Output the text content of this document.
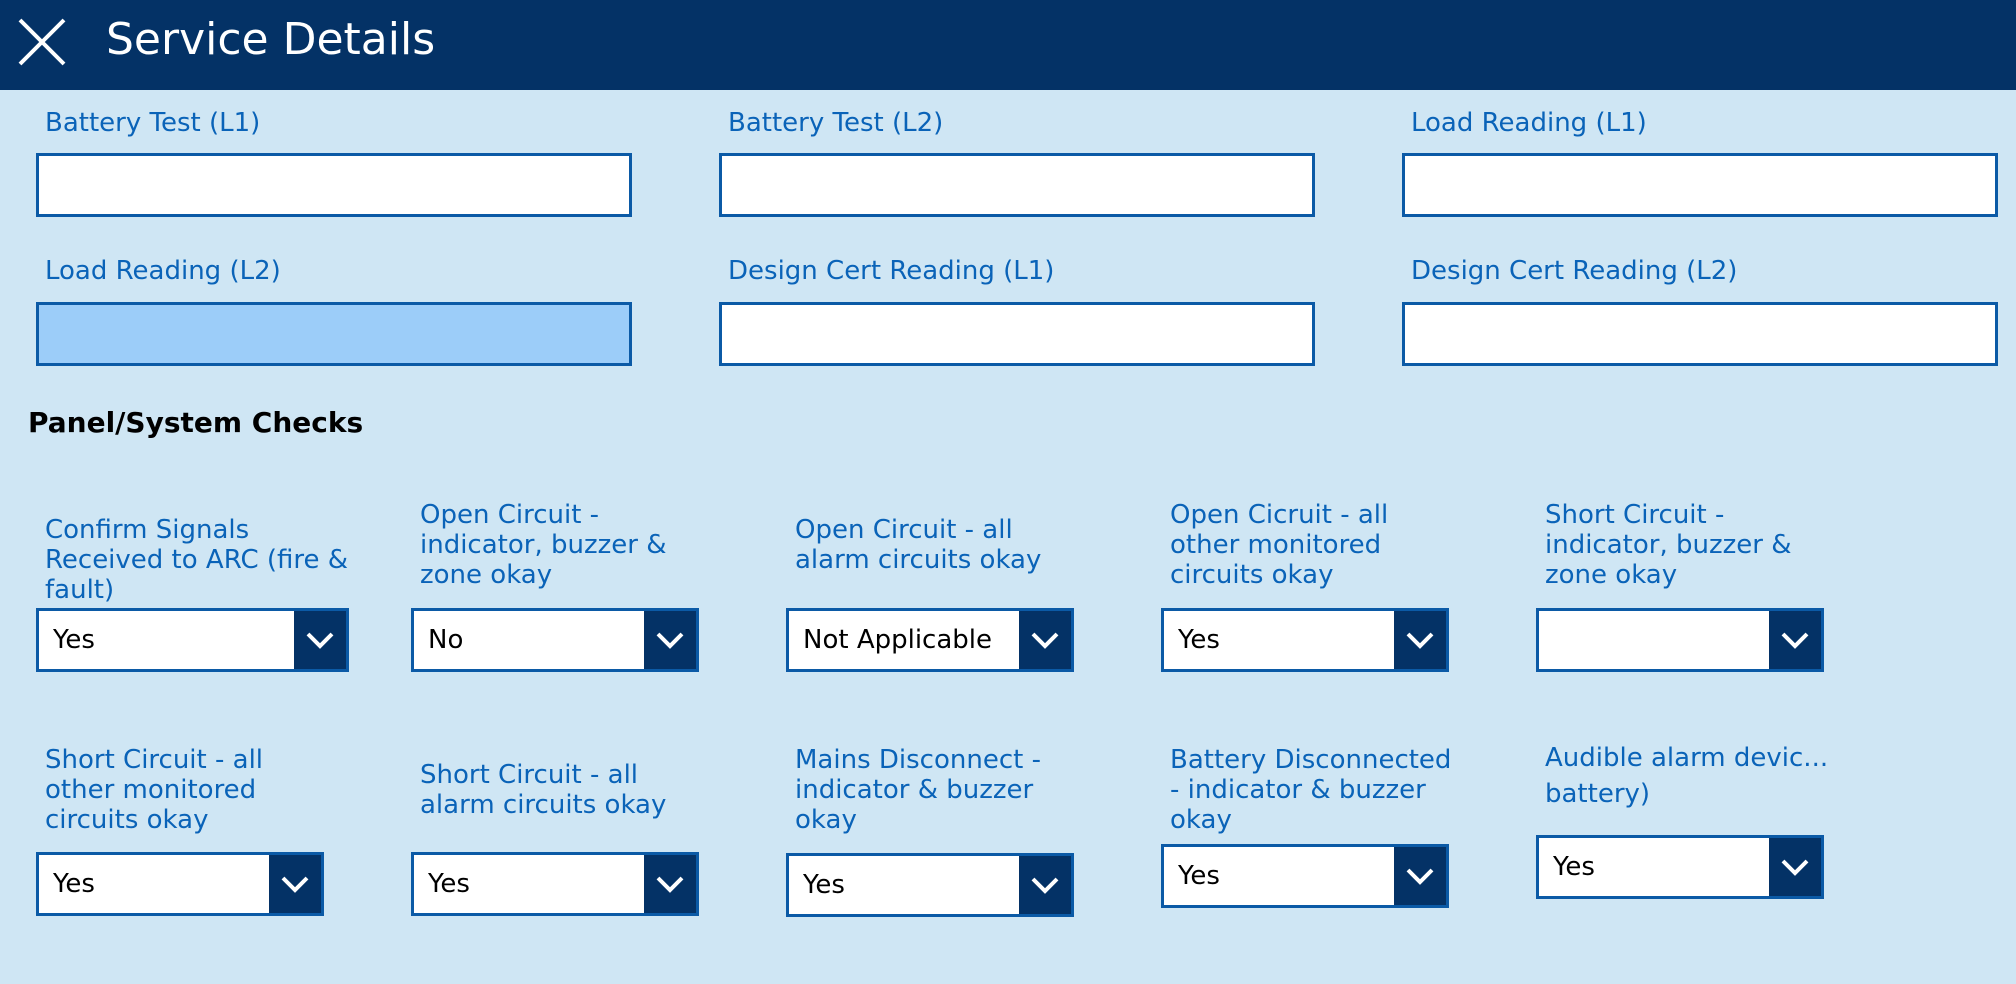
Service Details
Battery Test (L1)	Battery Test (L2)	Load Reading (L1)
Load Reading (L2)	Design Cert Reading (L1)	Design Cert Reading (L2)
Panel/System Checks
Confirm Signals Received to ARC (fire & fault)
Yes
Open Circuit - indicator, buzzer & zone okay
No
Open Circuit - all alarm circuits okay
Not Applicable
Open Cicruit - all other monitored circuits okay
Yes
Short Circuit - indicator, buzzer & zone okay
Short Circuit - all other monitored circuits okay
Yes
Short Circuit - all alarm circuits okay
Yes
Mains Disconnect - indicator & buzzer okay
Yes
Battery Disconnected - indicator & buzzer okay
Yes
Audible alarm devic... battery)
Yes
